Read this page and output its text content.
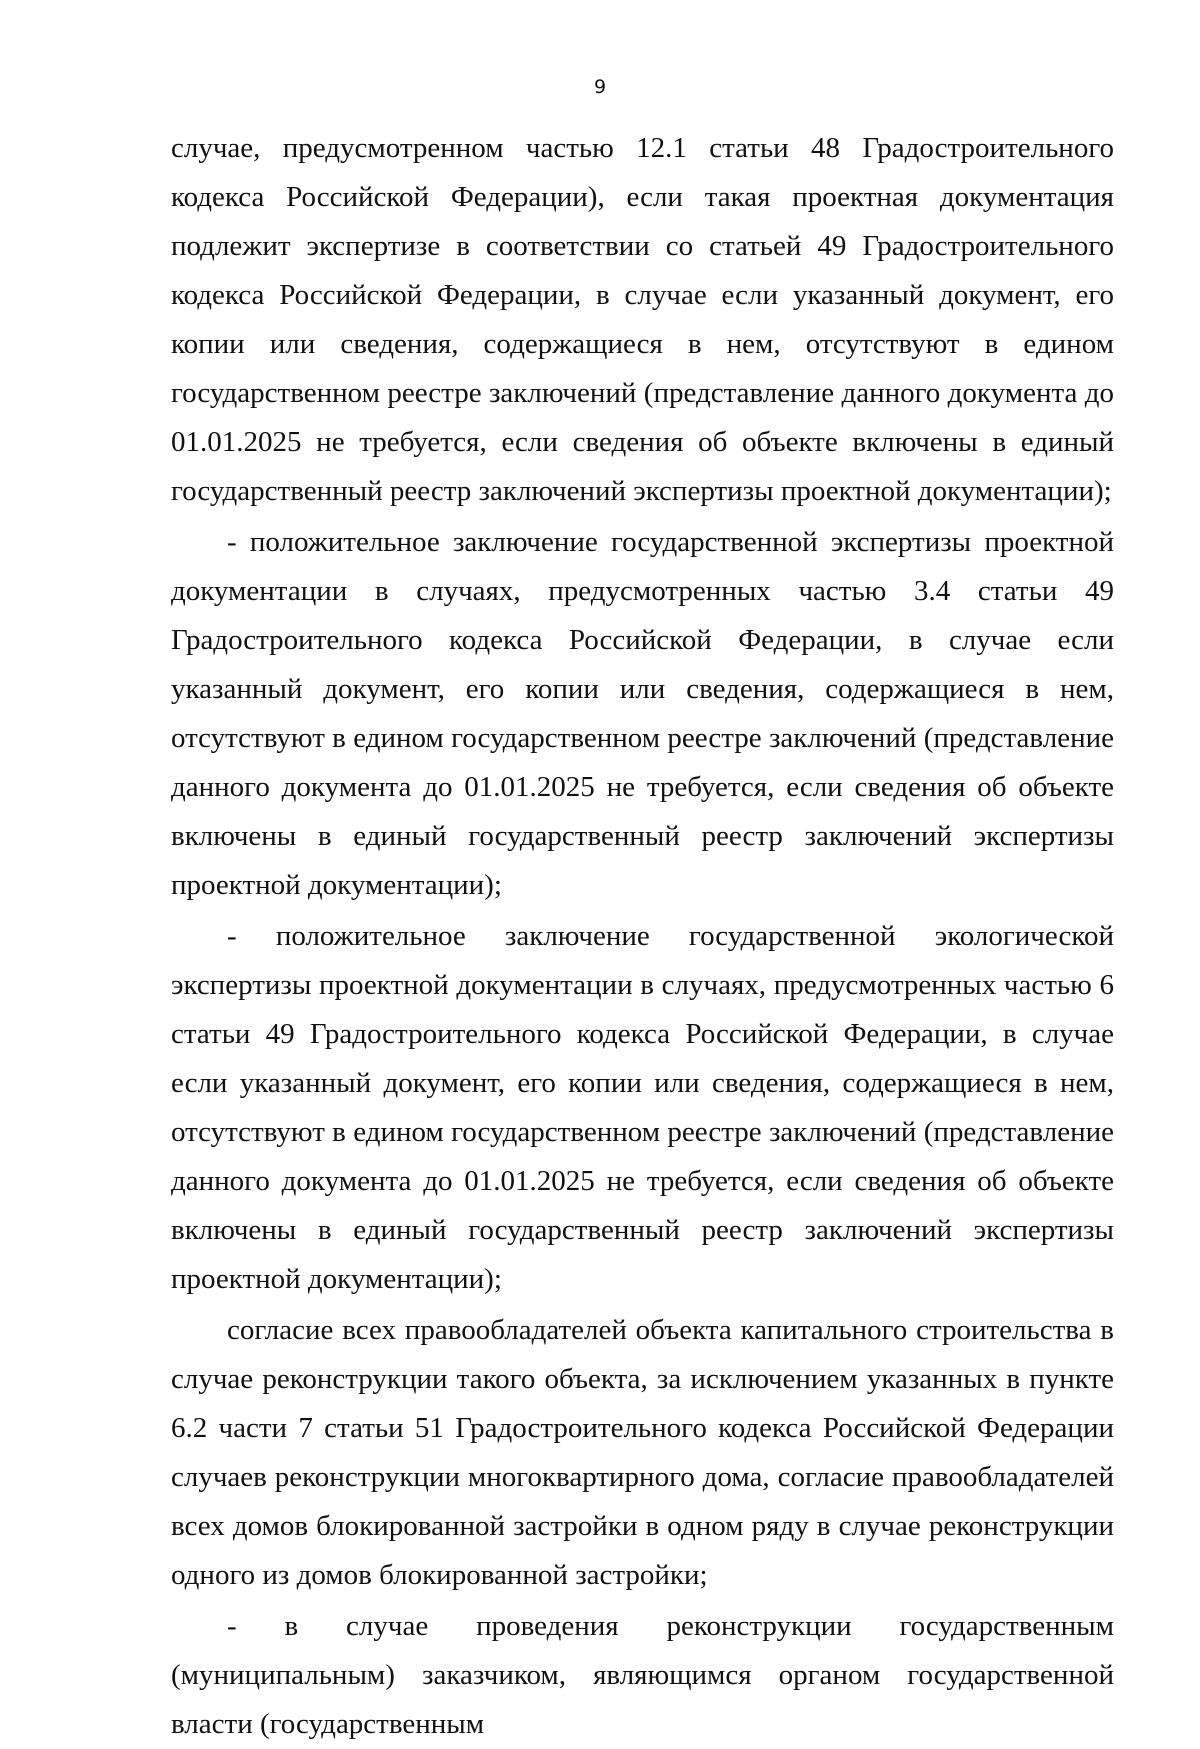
9

случае, предусмотренном частью 12.1 статьи 48 Градостроительного кодекса Российской Федерации), если такая проектная документация подлежит экспертизе в соответствии со статьей 49 Градостроительного кодекса Российской Федерации, в случае если указанный документ, его копии или сведения, содержащиеся в нем, отсутствуют в едином государственном реестре заключений (представление данного документа до 01.01.2025 не требуется, если сведения об объекте включены в единый государственный реестр заключений экспертизы проектной документации);

- положительное заключение государственной экспертизы проектной документации в случаях, предусмотренных частью 3.4 статьи 49 Градостроительного кодекса Российской Федерации, в случае если указанный документ, его копии или сведения, содержащиеся в нем, отсутствуют в едином государственном реестре заключений (представление данного документа до 01.01.2025 не требуется, если сведения об объекте включены в единый государственный реестр заключений экспертизы проектной документации);

- положительное заключение государственной экологической экспертизы проектной документации в случаях, предусмотренных частью 6 статьи 49 Градостроительного кодекса Российской Федерации, в случае если указанный документ, его копии или сведения, содержащиеся в нем, отсутствуют в едином государственном реестре заключений (представление данного документа до 01.01.2025 не требуется, если сведения об объекте включены в единый государственный реестр заключений экспертизы проектной документации);

согласие всех правообладателей объекта капитального строительства в случае реконструкции такого объекта, за исключением указанных в пункте 6.2 части 7 статьи 51 Градостроительного кодекса Российской Федерации случаев реконструкции многоквартирного дома, согласие правообладателей всех домов блокированной застройки в одном ряду в случае реконструкции одного из домов блокированной застройки;

- в случае проведения реконструкции государственным (муниципальным) заказчиком, являющимся органом государственной власти (государственным
